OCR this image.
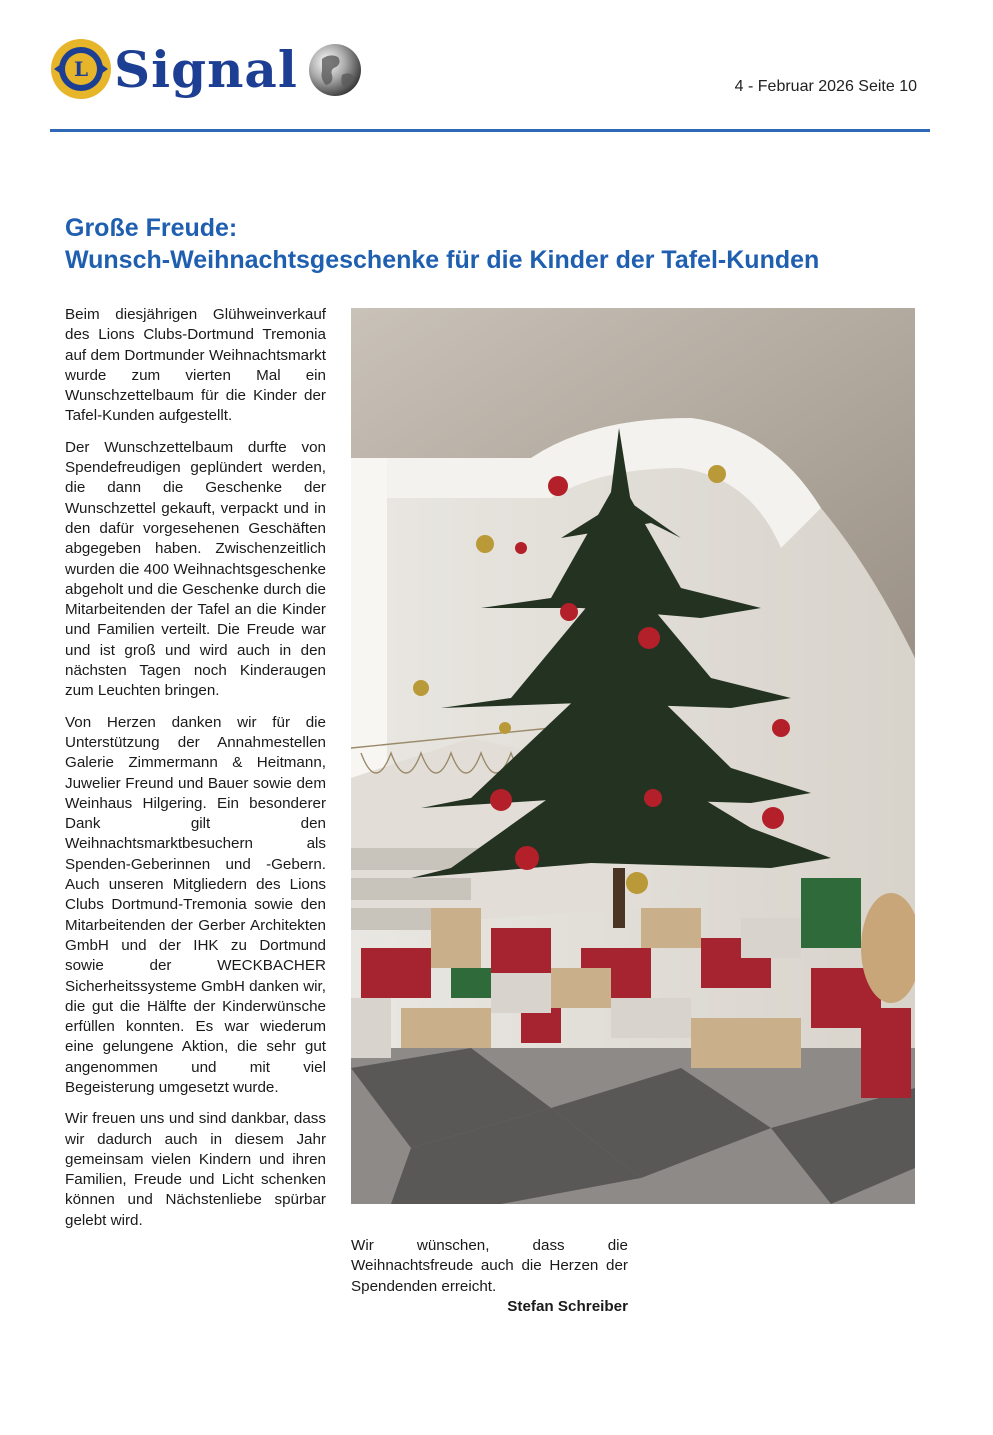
L Signal	4 - Februar 2026 Seite 10
Große Freude:
Wunsch-Weihnachtsgeschenke für die Kinder der Tafel-Kunden

Beim diesjährigen Glühweinverkauf des Lions Clubs-Dortmund Tremonia auf dem Dortmunder Weihnachtsmarkt wurde zum vierten Mal ein Wunschzettelbaum für die Kinder der Tafel-Kunden aufgestellt.

Der Wunschzettelbaum durfte von Spendefreudigen geplündert werden, die dann die Geschenke der Wunschzettel gekauft, verpackt und in den dafür vorgesehenen Geschäften abgegeben haben. Zwischenzeitlich wurden die 400 Weihnachtsgeschenke abgeholt und die Geschenke durch die Mitarbeitenden der Tafel an die Kinder und Familien verteilt. Die Freude war und ist groß und wird auch in den nächsten Tagen noch Kinderaugen zum Leuchten bringen.

Von Herzen danken wir für die Unterstützung der Annahmestellen Galerie Zimmermann & Heitmann, Juwelier Freund und Bauer sowie dem Weinhaus Hilgering. Ein besonderer Dank gilt den Weihnachtsmarktbesuchern als Spenden-Geberinnen und -Gebern. Auch unseren Mitgliedern des Lions Clubs Dortmund-Tremonia sowie den Mitarbeitenden der Gerber Architekten GmbH und der IHK zu Dortmund sowie der WECKBACHER Sicherheitssysteme GmbH danken wir, die gut die Hälfte der Kinderwünsche erfüllen konnten. Es war wiederum eine gelungene Aktion, die sehr gut angenommen und mit viel Begeisterung umgesetzt wurde.

Wir freuen uns und sind dankbar, dass wir dadurch auch in diesem Jahr gemeinsam vielen Kindern und ihren Familien, Freude und Licht schenken können und Nächstenliebe spürbar gelebt wird.

Wir wünschen, dass die Weihnachtsfreude auch die Herzen der Spendenden erreicht.

Stefan Schreiber
